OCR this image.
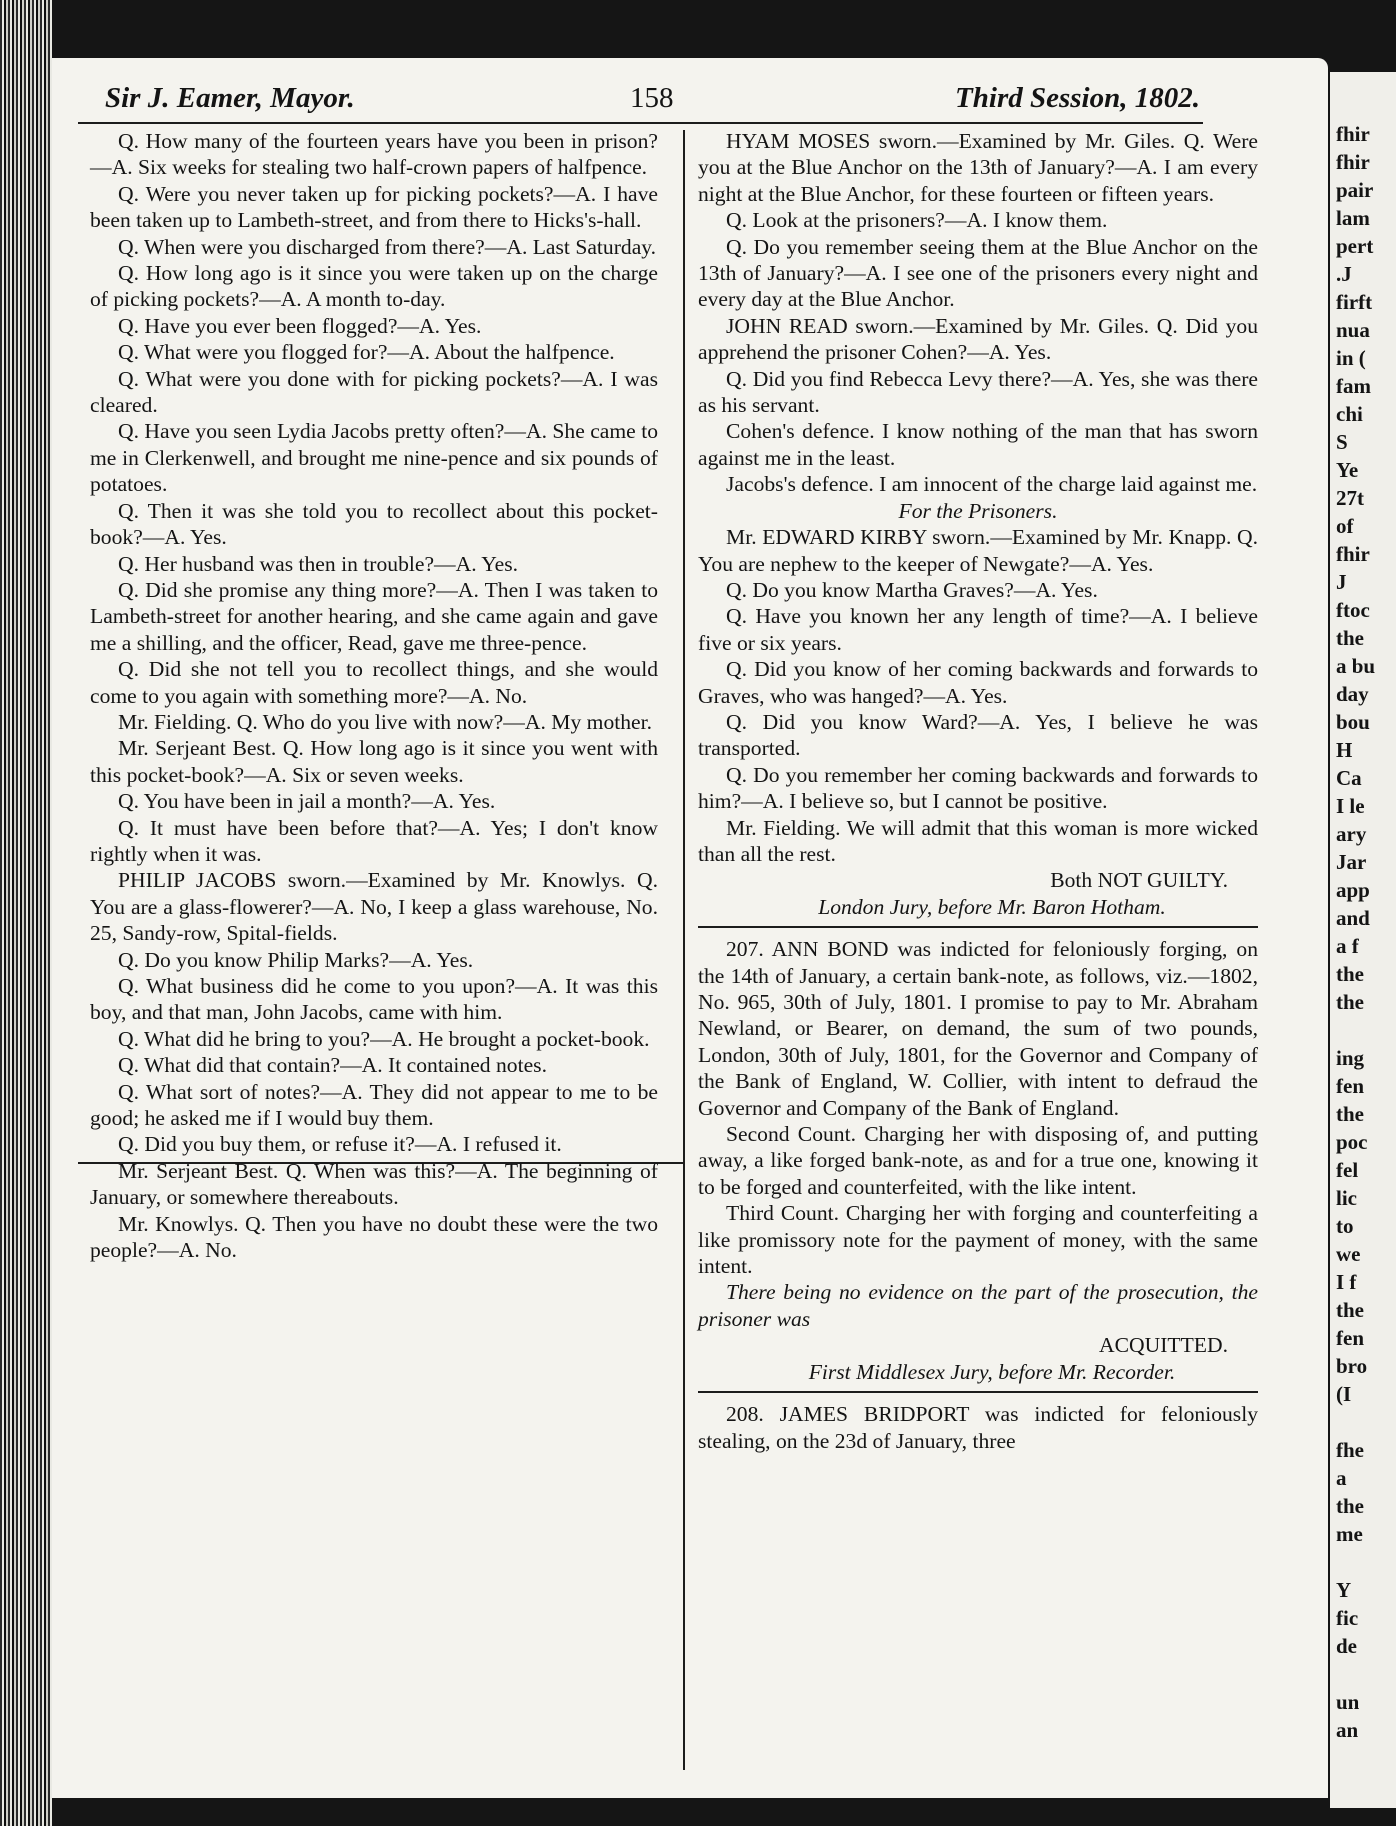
Sir J. Eamer, Mayor.	158	Third Session, 1802.

Q. How many of the fourteen years have you been in prison?—A. Six weeks for stealing two half-crown papers of halfpence.

Q. Were you never taken up for picking pockets?—A. I have been taken up to Lambeth-street, and from there to Hicks's-hall.

Q. When were you discharged from there?—A. Last Saturday.

Q. How long ago is it since you were taken up on the charge of picking pockets?—A. A month to-day.

Q. Have you ever been flogged?—A. Yes.

Q. What were you flogged for?—A. About the halfpence.

Q. What were you done with for picking pockets?—A. I was cleared.

Q. Have you seen Lydia Jacobs pretty often?—A. She came to me in Clerkenwell, and brought me nine-pence and six pounds of potatoes.

Q. Then it was she told you to recollect about this pocket-book?—A. Yes.

Q. Her husband was then in trouble?—A. Yes.

Q. Did she promise any thing more?—A. Then I was taken to Lambeth-street for another hearing, and she came again and gave me a shilling, and the officer, Read, gave me three-pence.

Q. Did she not tell you to recollect things, and she would come to you again with something more?—A. No.

Mr. Fielding. Q. Who do you live with now?—A. My mother.

Mr. Serjeant Best. Q. How long ago is it since you went with this pocket-book?—A. Six or seven weeks.

Q. You have been in jail a month?—A. Yes.

Q. It must have been before that?—A. Yes; I don't know rightly when it was.

PHILIP JACOBS sworn.—Examined by Mr. Knowlys. Q. You are a glass-flowerer?—A. No, I keep a glass warehouse, No. 25, Sandy-row, Spital-fields.

Q. Do you know Philip Marks?—A. Yes.

Q. What business did he come to you upon?—A. It was this boy, and that man, John Jacobs, came with him.

Q. What did he bring to you?—A. He brought a pocket-book.

Q. What did that contain?—A. It contained notes.

Q. What sort of notes?—A. They did not appear to me to be good; he asked me if I would buy them.

Q. Did you buy them, or refuse it?—A. I refused it.

Mr. Serjeant Best. Q. When was this?—A. The beginning of January, or somewhere thereabouts.

Mr. Knowlys. Q. Then you have no doubt these were the two people?—A. No.

HYAM MOSES sworn.—Examined by Mr. Giles. Q. Were you at the Blue Anchor on the 13th of January?—A. I am every night at the Blue Anchor, for these fourteen or fifteen years.

Q. Look at the prisoners?—A. I know them.

Q. Do you remember seeing them at the Blue Anchor on the 13th of January?—A. I see one of the prisoners every night and every day at the Blue Anchor.

JOHN READ sworn.—Examined by Mr. Giles. Q. Did you apprehend the prisoner Cohen?—A. Yes.

Q. Did you find Rebecca Levy there?—A. Yes, she was there as his servant.

Cohen's defence. I know nothing of the man that has sworn against me in the least.

Jacobs's defence. I am innocent of the charge laid against me.

For the Prisoners.

Mr. EDWARD KIRBY sworn.—Examined by Mr. Knapp. Q. You are nephew to the keeper of Newgate?—A. Yes.

Q. Do you know Martha Graves?—A. Yes.

Q. Have you known her any length of time?—A. I believe five or six years.

Q. Did you know of her coming backwards and forwards to Graves, who was hanged?—A. Yes.

Q. Did you know Ward?—A. Yes, I believe he was transported.

Q. Do you remember her coming backwards and forwards to him?—A. I believe so, but I cannot be positive.

Mr. Fielding. We will admit that this woman is more wicked than all the rest.

Both NOT GUILTY.

London Jury, before Mr. Baron Hotham.

207. ANN BOND was indicted for feloniously forging, on the 14th of January, a certain bank-note, as follows, viz.—1802, No. 965, 30th of July, 1801. I promise to pay to Mr. Abraham Newland, or Bearer, on demand, the sum of two pounds, London, 30th of July, 1801, for the Governor and Company of the Bank of England, W. Collier, with intent to defraud the Governor and Company of the Bank of England.

Second Count. Charging her with disposing of, and putting away, a like forged bank-note, as and for a true one, knowing it to be forged and counterfeited, with the like intent.

Third Count. Charging her with forging and counterfeiting a like promissory note for the payment of money, with the same intent.

There being no evidence on the part of the prosecution, the prisoner was

ACQUITTED.

First Middlesex Jury, before Mr. Recorder.

208. JAMES BRIDPORT was indicted for feloniously stealing, on the 23d of January, three

fhir
fhir
pair
lam
pert
.J
firft
nua
in (
fam
chi
S
Ye
27t
of
fhir
J
ftoc
the
a bu
day
bou
H
Ca
I le
ary
Jar
app
and
a f
the
the
ing
fen
the
poc
fel
lic
to
we
I f
the
fen
bro
(I
fhe
a
the
me
Y
fic
de
un
an
